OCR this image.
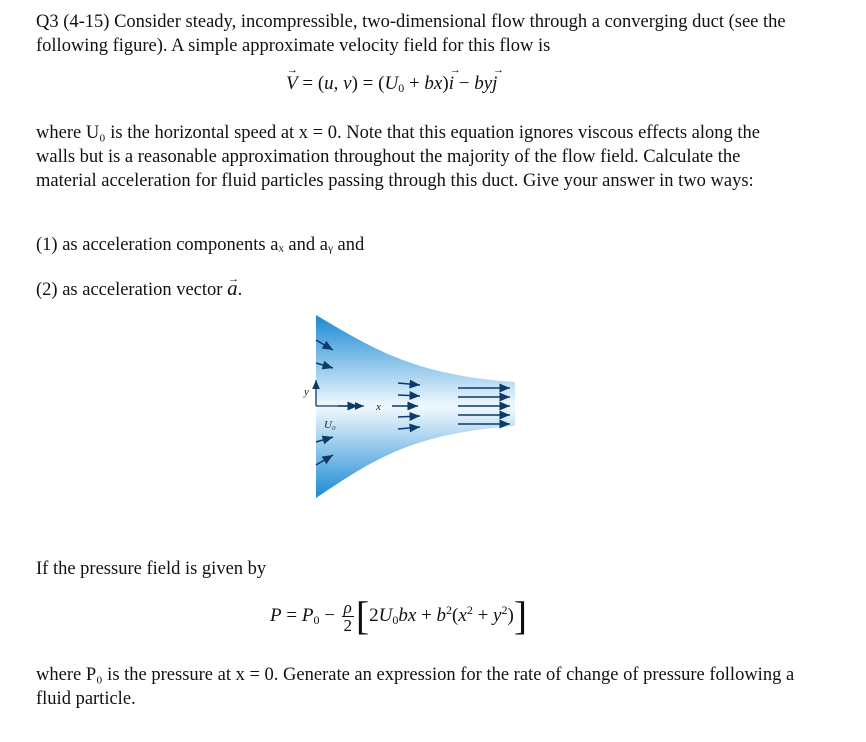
Q3 (4-15) Consider steady, incompressible, two-dimensional flow through a converging duct (see the following figure). A simple approximate velocity field for this flow is

→ V = (u, $v) = (U_0 + bx)\to i - by\to j$

where U₀ is the horizontal speed at x = 0. Note that this equation ignores viscous effects along the walls but is a reasonable approximation throughout the majority of the flow field. Calculate the material acceleration for fluid particles passing through this duct. Give your answer in two ways:

(1) as acceleration components aₓ and aᵧ and

(2) as acceleration vector → a.

y
x
U₀

If the pressure field is given by

$P = P_0 - \frac{\rho}{2} [2U_0bx + b^2(x^2 + y^2)]$

where P₀ is the pressure at x = 0. Generate an expression for the rate of change of pressure following a fluid particle.
